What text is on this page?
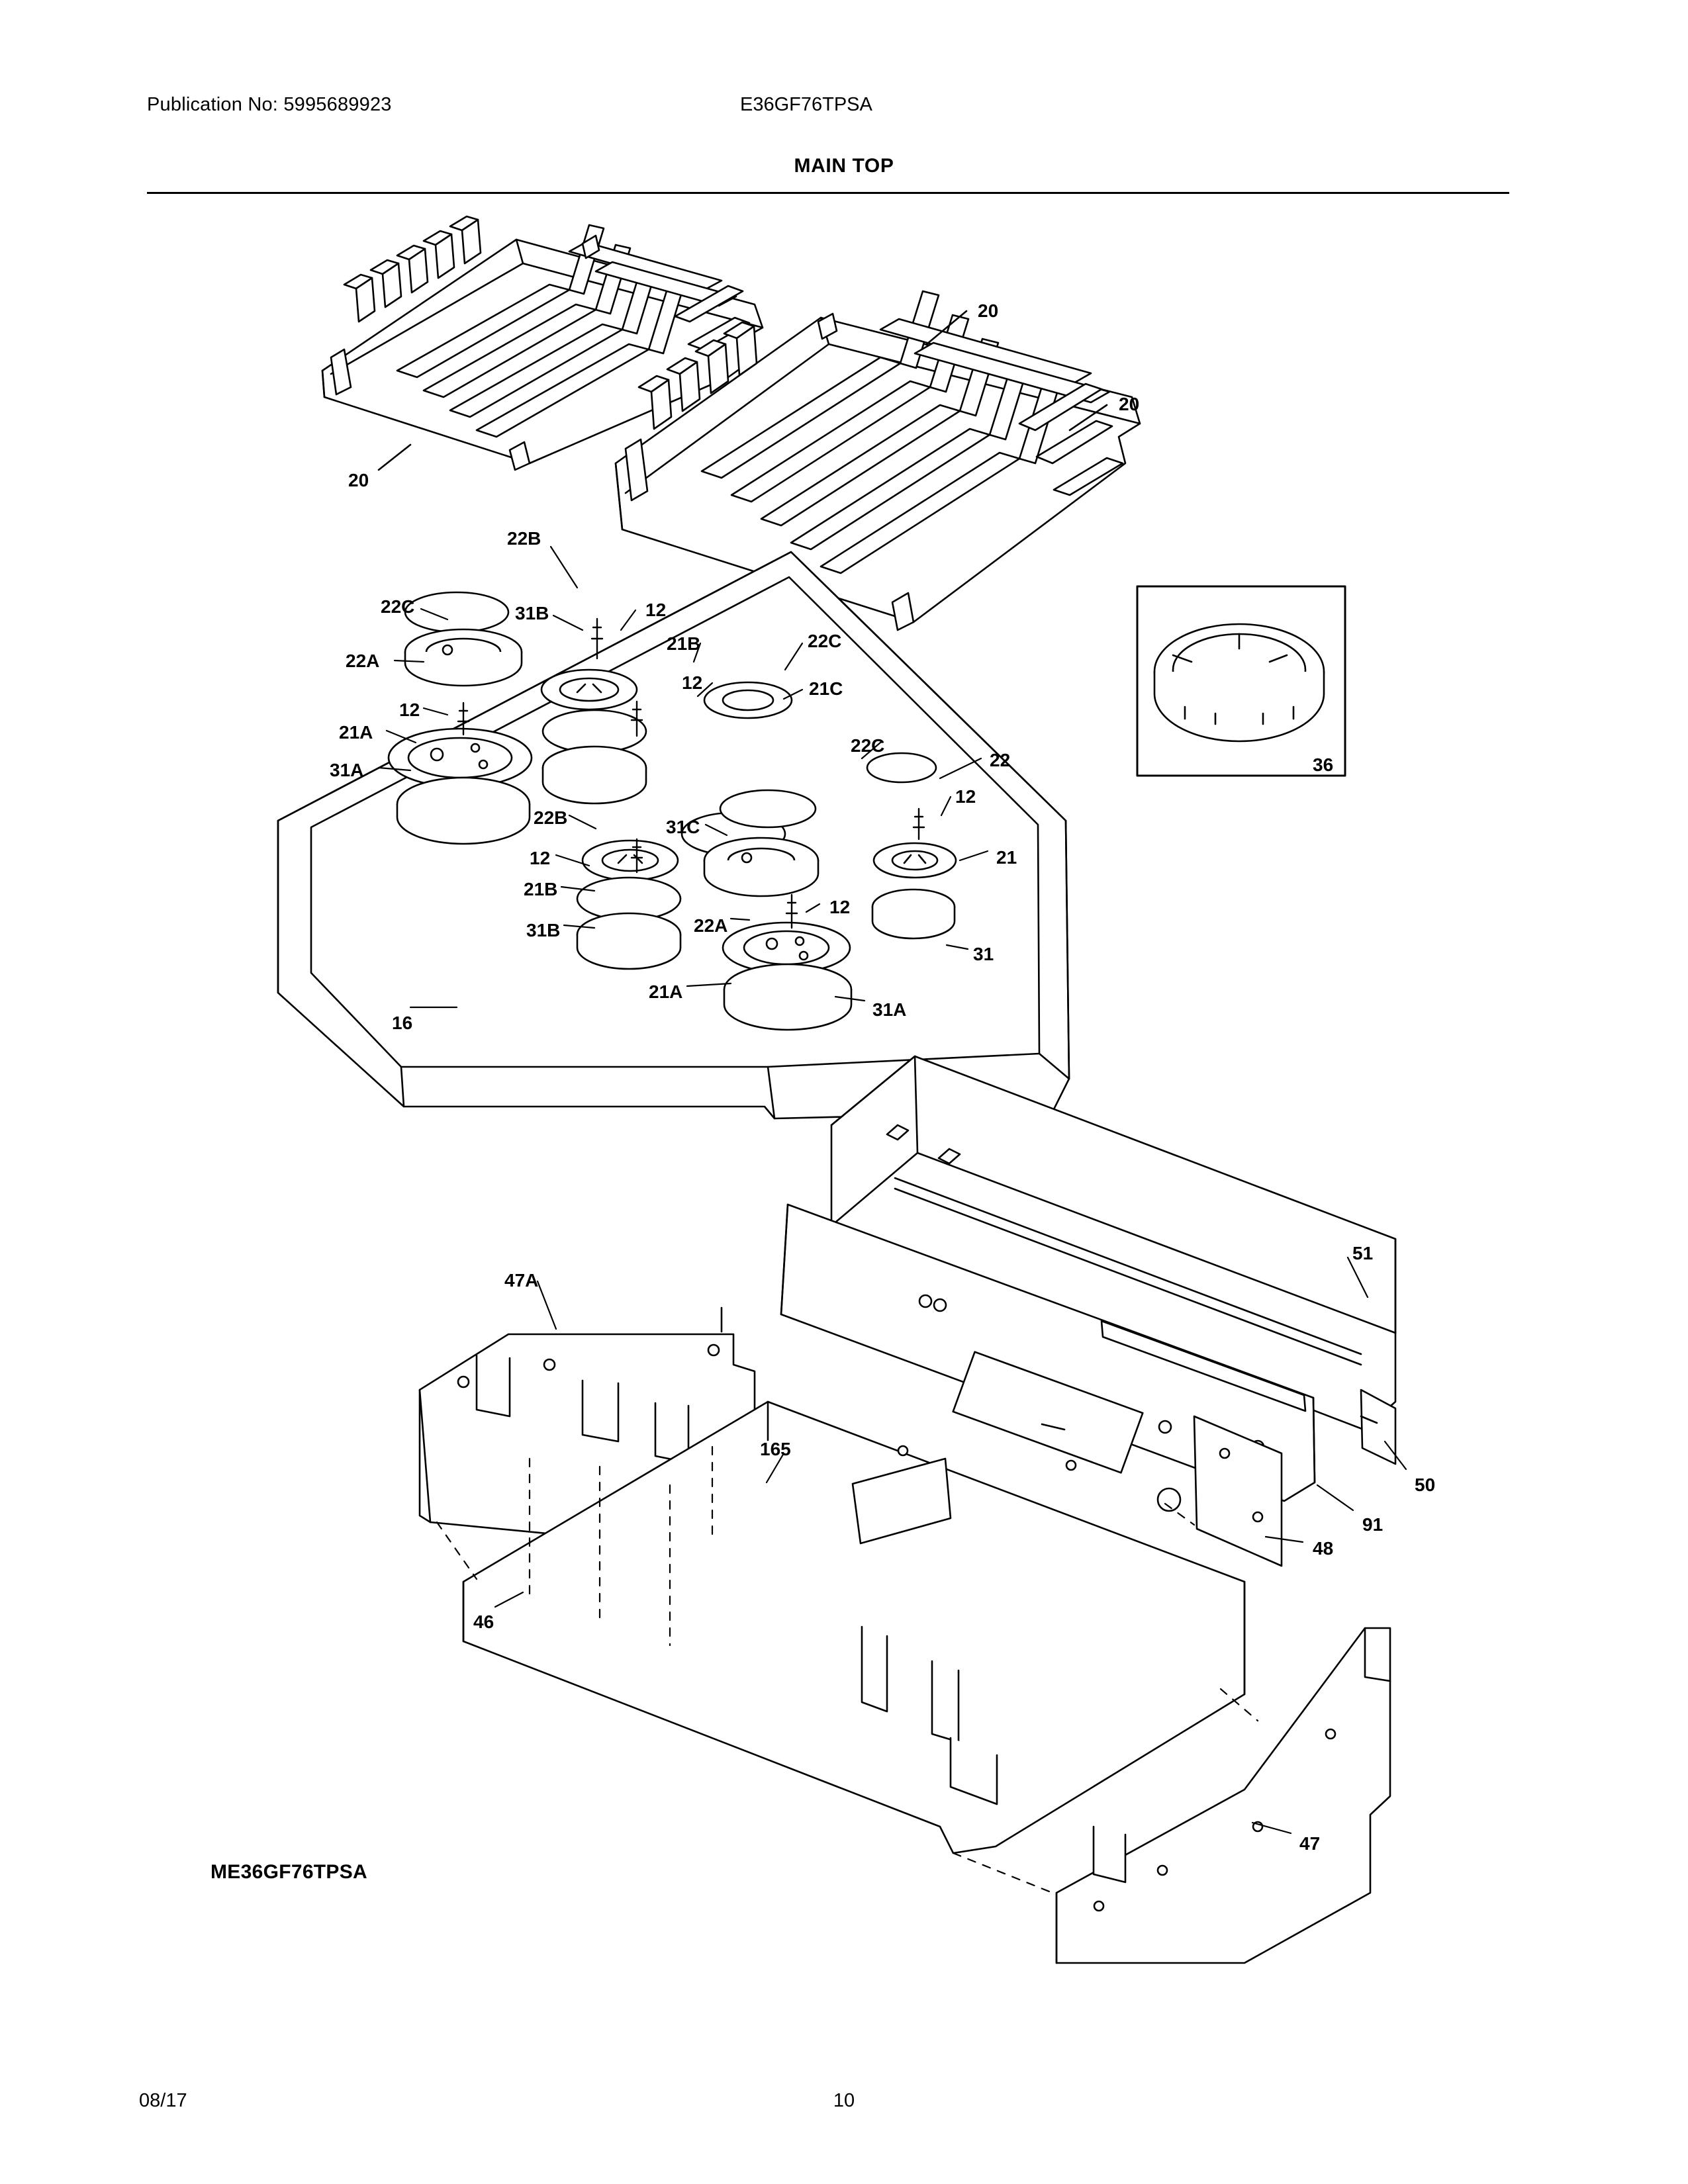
Publication No: 5995689923	E36GF76TPSA
MAIN TOP
20
20
20
22B
22C	31B	12
22A
21B	22C
12	21C
12
21A
31A
22C
22
22B	31C
12
12	21
21B
12
22A
31B
31
21A
31A
16
36
51
47A
165
50
91
48
46
47
ME36GF76TPSA
08/17	10
